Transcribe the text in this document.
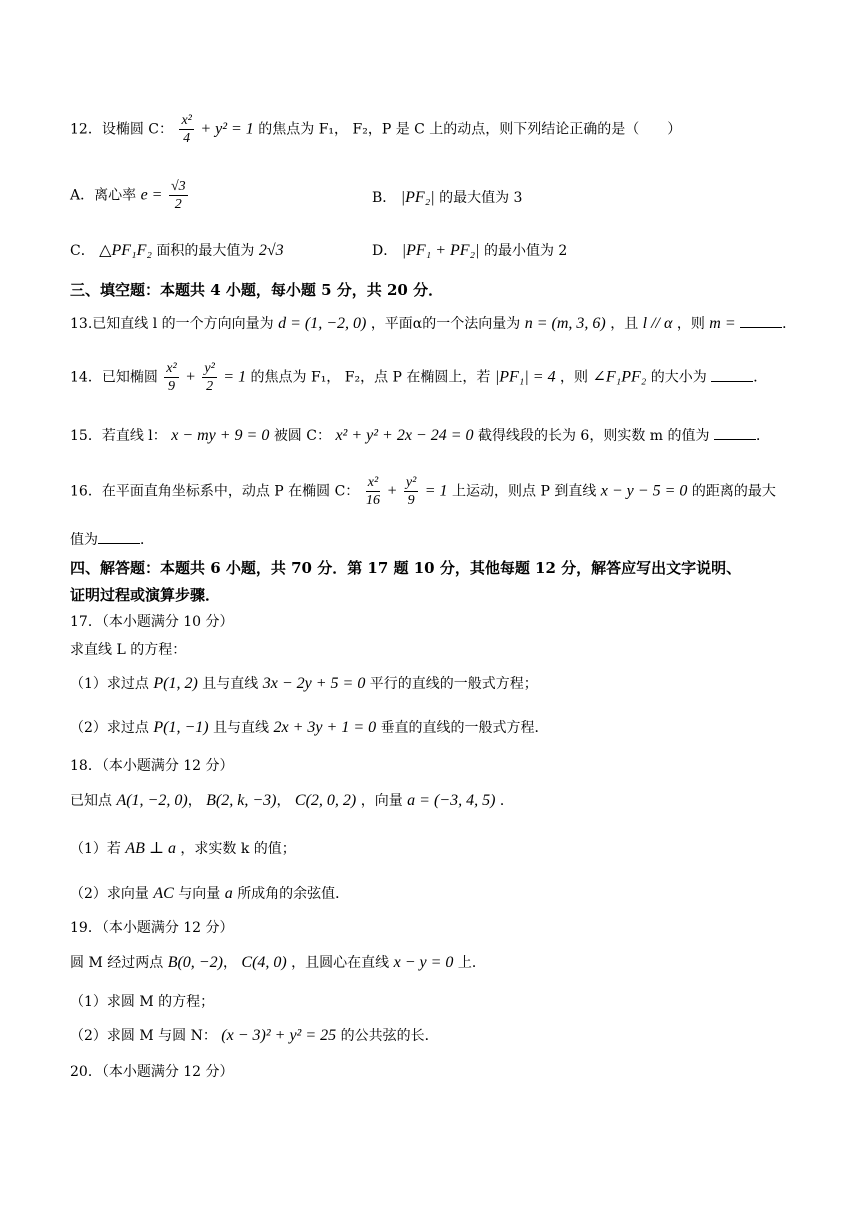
12．设椭圆 C： $\frac{\text{x²}}{4} + y^2 = 1$ 的焦点为 F₁， F₂，P 是 C 上的动点，则下列结论正确的是（　　）
A．离心率 $e = \frac{√3}{2}$	B． |PF₂| 的最大值为 3
C． △PF₁F₂ 面积的最大值为 2√3	D． |PF₁ + PF₂| 的最小值为 2
三、填空题：本题共 4 小题，每小题 5 分，共 20 分．
13.已知直线 l 的一个方向向量为 d = (1, −2, 0) ，平面α的一个法向量为 n = (m, 3, 6) ，且 l // α ，则 m =	．
14．已知椭圆 $\frac{\text{x²}}{9} + \frac{\text{y²}}{2} = 1$ 的焦点为 F₁， F₂，点 P 在椭圆上，若 |PF₁| = 4 ，则 ∠F₁PF₂ 的大小为	．
15．若直线 l： x − my + 9 = 0 被圆 C： x² + y² + 2x − 24 = 0 截得线段的长为 6，则实数 m 的值为	．
16．在平面直角坐标系中，动点 P 在椭圆 C： $\frac{\text{x²}}{16} + \frac{\text{y²}}{9} = 1$ 上运动，则点 P 到直线 x − y − 5 = 0 的距离的最大
值为	．
四、解答题：本题共 6 小题，共 70 分．第 17 题 10 分，其他每题 12 分，解答应写出文字说明、
证明过程或演算步骤．
17．（本小题满分 10 分）
求直线 L 的方程：
（1）求过点 P(1, 2) 且与直线 3x − 2y + 5 = 0 平行的直线的一般式方程；
（2）求过点 P(1, −1) 且与直线 2x + 3y + 1 = 0 垂直的直线的一般式方程．
18．（本小题满分 12 分）
已知点 A(1, −2, 0)， B(2, k, −3)， C(2, 0, 2) ，向量 a = (−3, 4, 5) ．
（1）若 AB ⊥ a ，求实数 k 的值；
（2）求向量 AC 与向量 a 所成角的余弦值．
19．（本小题满分 12 分）
圆 M 经过两点 B(0, −2)， C(4, 0) ，且圆心在直线 x − y = 0 上．
（1）求圆 M 的方程；
（2）求圆 M 与圆 N： (x − 3)² + y² = 25 的公共弦的长．
20．（本小题满分 12 分）
